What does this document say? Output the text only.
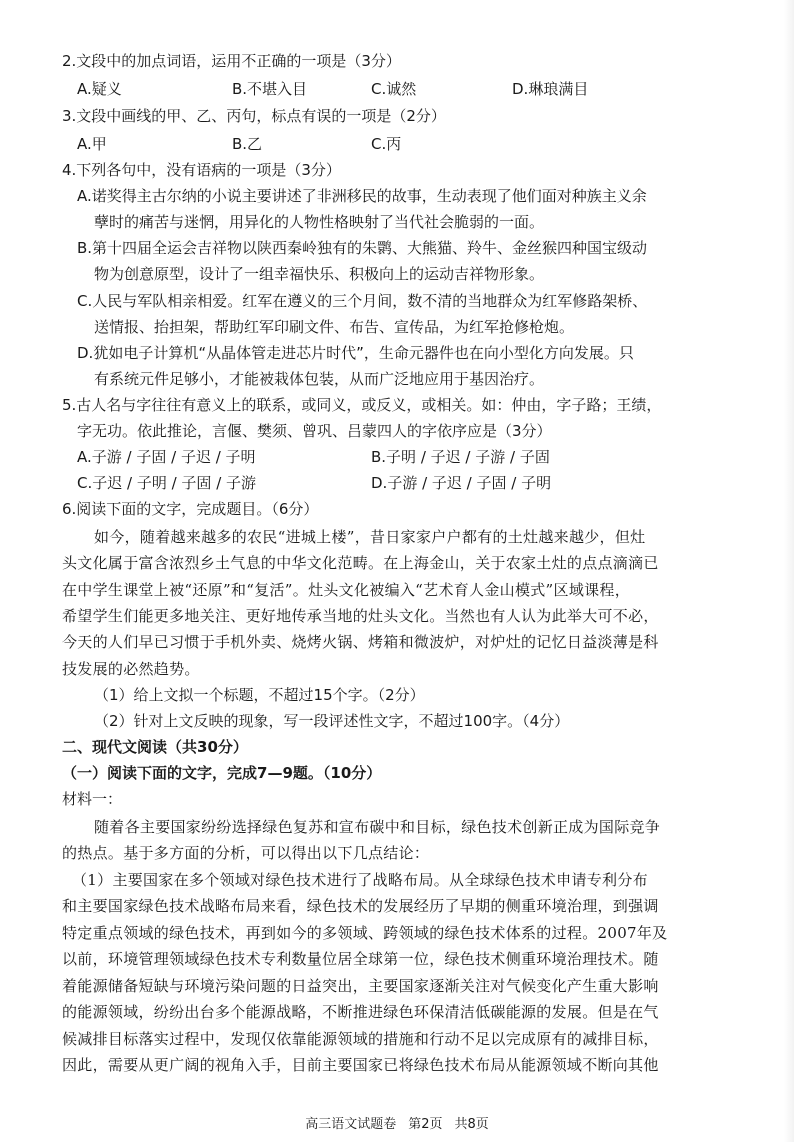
2.文段中的加点词语，运用不正确的一项是（3分）
A.疑义	B.不堪入目	C.诚然	D.琳琅满目
3.文段中画线的甲、乙、丙句，标点有误的一项是（2分）
A.甲	B.乙	C.丙
4.下列各句中，没有语病的一项是（3分）
A.诺奖得主古尔纳的小说主要讲述了非洲移民的故事，生动表现了他们面对种族主义余
孽时的痛苦与迷惘，用异化的人物性格映射了当代社会脆弱的一面。
B.第十四届全运会吉祥物以陕西秦岭独有的朱鹮、大熊猫、羚牛、金丝猴四种国宝级动
物为创意原型，设计了一组幸福快乐、积极向上的运动吉祥物形象。
C.人民与军队相亲相爱。红军在遵义的三个月间，数不清的当地群众为红军修路架桥、
送情报、抬担架，帮助红军印刷文件、布告、宣传品，为红军抢修枪炮。
D.犹如电子计算机“从晶体管走进芯片时代”，生命元器件也在向小型化方向发展。只
有系统元件足够小，才能被栽体包装，从而广泛地应用于基因治疗。
5.古人名与字往往有意义上的联系，或同义，或反义，或相关。如：仲由，字子路；王绩，
字无功。依此推论，言偃、樊须、曾巩、吕蒙四人的字依序应是（3分）
A.子游 / 子固 / 子迟 / 子明	B.子明 / 子迟 / 子游 / 子固
C.子迟 / 子明 / 子固 / 子游	D.子游 / 子迟 / 子固 / 子明
6.阅读下面的文字，完成题目。（6分）
如今，随着越来越多的农民“进城上楼”，昔日家家户户都有的土灶越来越少，但灶
头文化属于富含浓烈乡土气息的中华文化范畴。在上海金山，关于农家土灶的点点滴滴已
在中学生课堂上被“还原”和“复活”。灶头文化被编入“艺术育人金山模式”区域课程，
希望学生们能更多地关注、更好地传承当地的灶头文化。当然也有人认为此举大可不必，
今天的人们早已习惯于手机外卖、烧烤火锅、烤箱和微波炉，对炉灶的记忆日益淡薄是科
技发展的必然趋势。
（1）给上文拟一个标题，不超过15个字。（2分）
（2）针对上文反映的现象，写一段评述性文字，不超过100字。（4分）
二、现代文阅读（共30分）
（一）阅读下面的文字，完成7—9题。（10分）
材料一：
随着各主要国家纷纷选择绿色复苏和宣布碳中和目标，绿色技术创新正成为国际竞争
的热点。基于多方面的分析，可以得出以下几点结论：
（1）主要国家在多个领域对绿色技术进行了战略布局。从全球绿色技术申请专利分布
和主要国家绿色技术战略布局来看，绿色技术的发展经历了早期的侧重环境治理，到强调
特定重点领域的绿色技术，再到如今的多领域、跨领域的绿色技术体系的过程。2007年及
以前，环境管理领域绿色技术专利数量位居全球第一位，绿色技术侧重环境治理技术。随
着能源储备短缺与环境污染问题的日益突出，主要国家逐渐关注对气候变化产生重大影响
的能源领域，纷纷出台多个能源战略，不断推进绿色环保清洁低碳能源的发展。但是在气
候减排目标落实过程中，发现仅依靠能源领域的措施和行动不足以完成原有的减排目标，
因此，需要从更广阔的视角入手，目前主要国家已将绿色技术布局从能源领域不断向其他
高三语文试题卷 第2页 共8页
